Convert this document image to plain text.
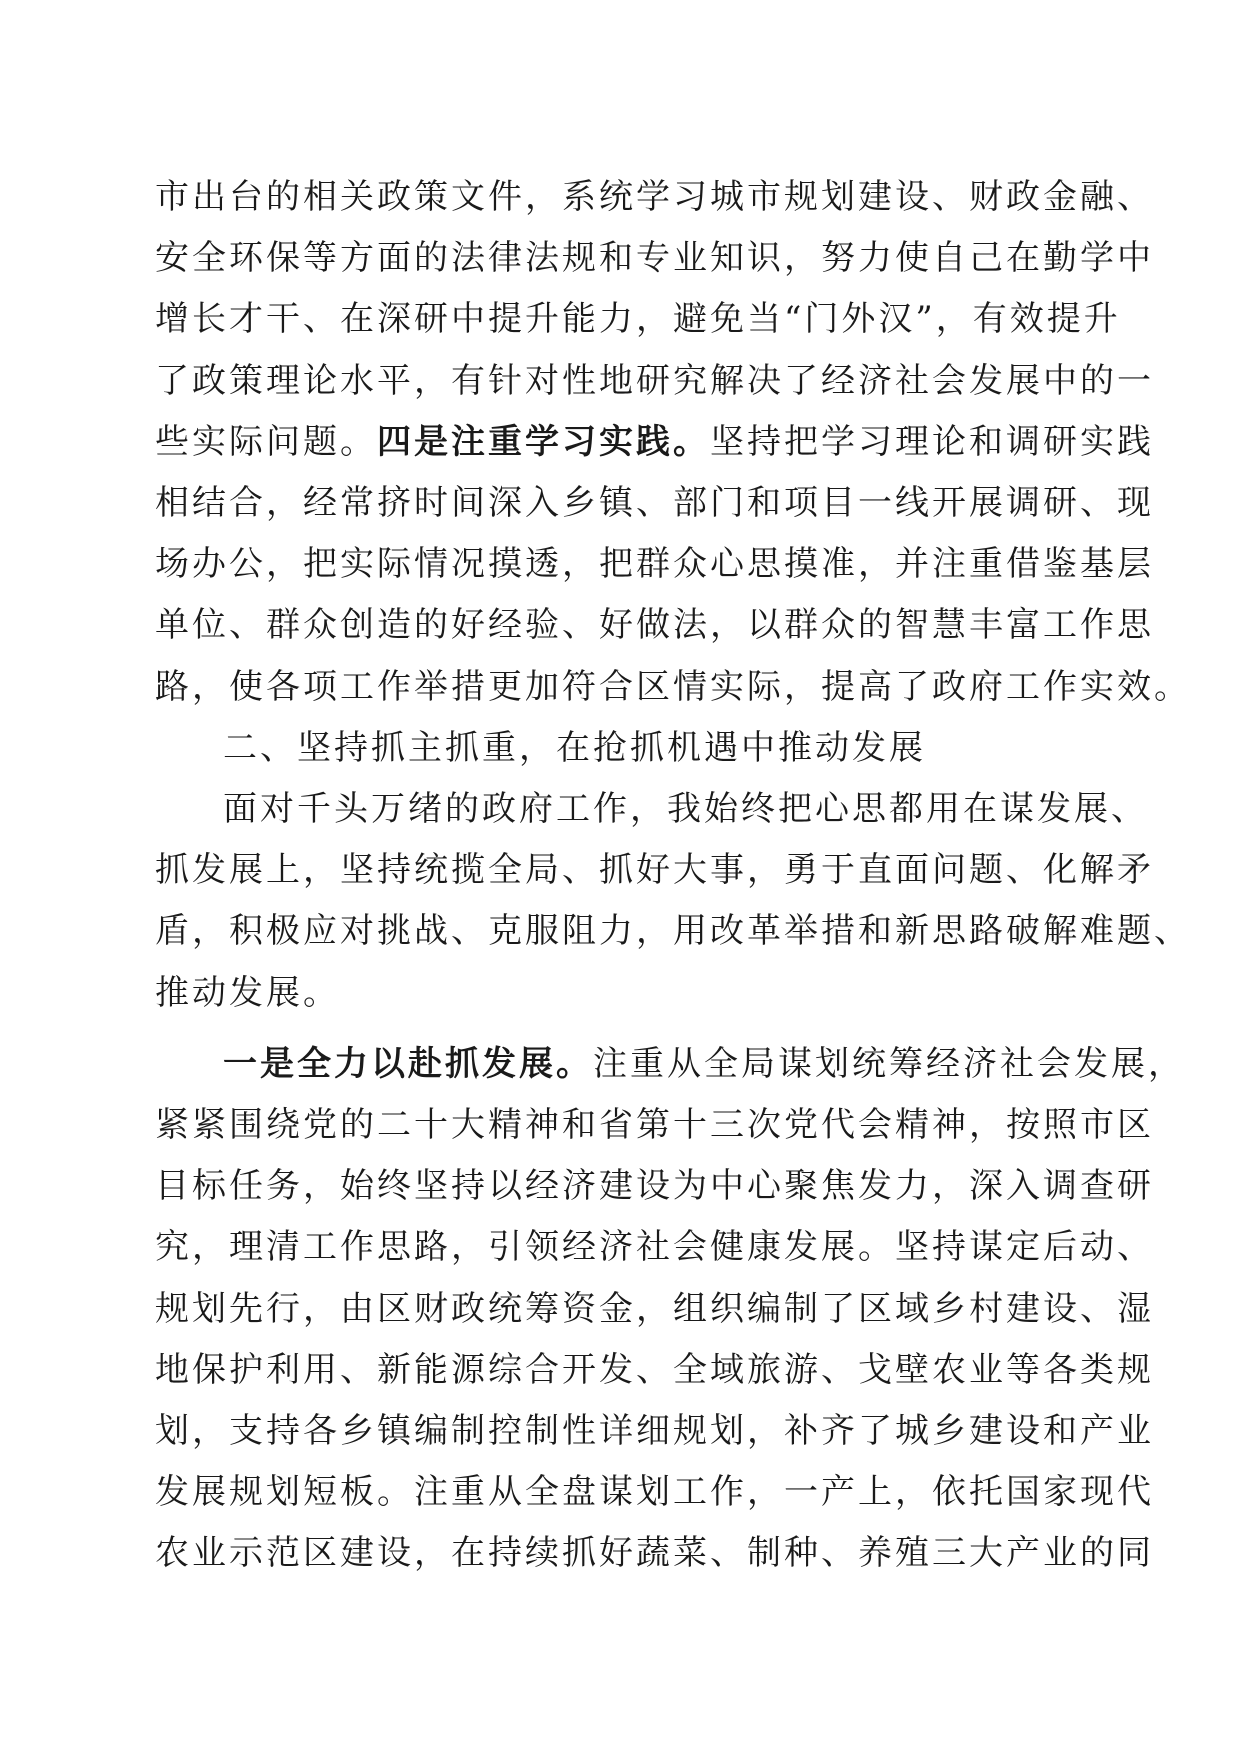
市出台的相关政策文件，系统学习城市规划建设、财政金融、
安全环保等方面的法律法规和专业知识，努力使自己在勤学中
增长才干、在深研中提升能力，避免当“门外汉”，有效提升
了政策理论水平，有针对性地研究解决了经济社会发展中的一
些实际问题。四是注重学习实践。坚持把学习理论和调研实践
相结合，经常挤时间深入乡镇、部门和项目一线开展调研、现
场办公，把实际情况摸透，把群众心思摸准，并注重借鉴基层
单位、群众创造的好经验、好做法，以群众的智慧丰富工作思
路，使各项工作举措更加符合区情实际，提高了政府工作实效。
二、坚持抓主抓重，在抢抓机遇中推动发展
面对千头万绪的政府工作，我始终把心思都用在谋发展、
抓发展上，坚持统揽全局、抓好大事，勇于直面问题、化解矛
盾，积极应对挑战、克服阻力，用改革举措和新思路破解难题、
推动发展。
一是全力以赴抓发展。注重从全局谋划统筹经济社会发展，
紧紧围绕党的二十大精神和省第十三次党代会精神，按照市区
目标任务，始终坚持以经济建设为中心聚焦发力，深入调查研
究，理清工作思路，引领经济社会健康发展。坚持谋定后动、
规划先行，由区财政统筹资金，组织编制了区域乡村建设、湿
地保护利用、新能源综合开发、全域旅游、戈壁农业等各类规
划，支持各乡镇编制控制性详细规划，补齐了城乡建设和产业
发展规划短板。注重从全盘谋划工作，一产上，依托国家现代
农业示范区建设，在持续抓好蔬菜、制种、养殖三大产业的同
